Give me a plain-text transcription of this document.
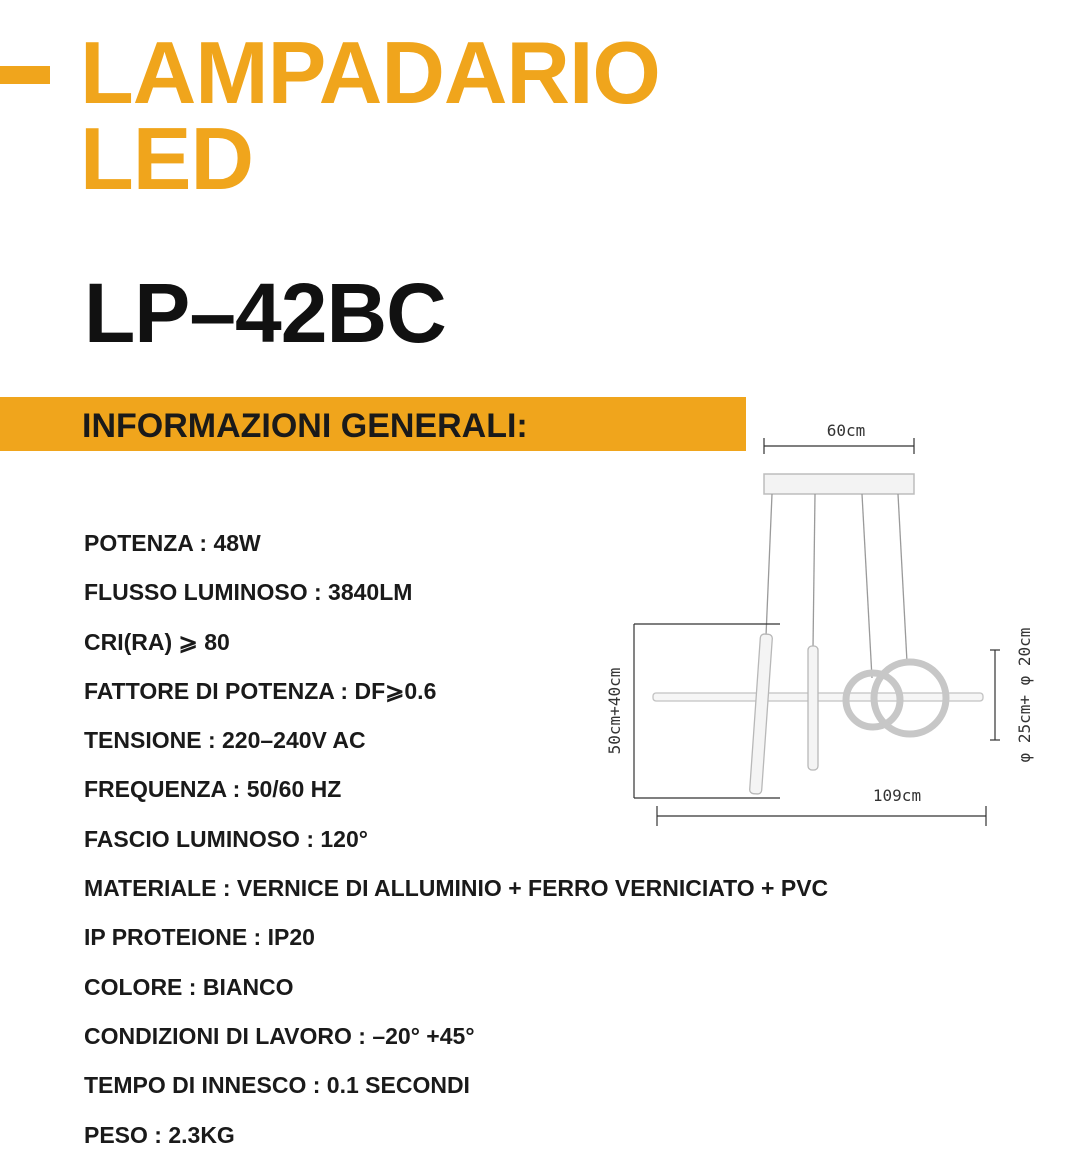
LAMPADARIO
LED
LP–42BC
INFORMAZIONI GENERALI:
POTENZA : 48W
FLUSSO LUMINOSO : 3840LM
CRI(RA) ⩾ 80
FATTORE DI POTENZA : DF⩾0.6
TENSIONE : 220–240V AC
FREQUENZA : 50/60 HZ
FASCIO LUMINOSO : 120°
MATERIALE : VERNICE DI ALLUMINIO + FERRO VERNICIATO + PVC
IP PROTEIONE : IP20
COLORE : BIANCO
CONDIZIONI DI LAVORO : –20° +45°
TEMPO DI INNESCO : 0.1 SECONDI
PESO : 2.3KG
60cm
50cm+40cm
109cm
φ 25cm+ φ 20cm
